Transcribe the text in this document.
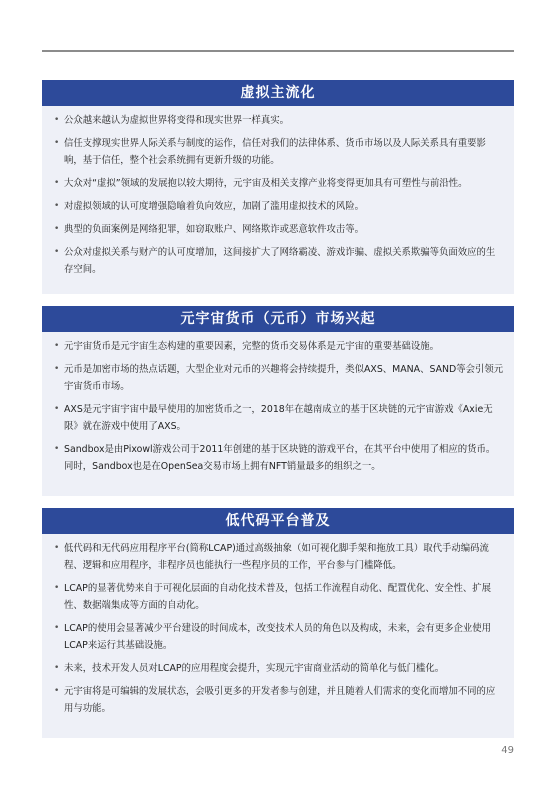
虚拟主流化
• 公众越来越认为虚拟世界将变得和现实世界一样真实。
• 信任支撑现实世界人际关系与制度的运作，信任对我们的法律体系、货币市场以及人际关系具有重要影响，基于信任，整个社会系统拥有更新升级的功能。
• 大众对“虚拟”领域的发展抱以较大期待，元宇宙及相关支撑产业将变得更加具有可塑性与前沿性。
• 对虚拟领域的认可度增强隐喻着负向效应，加剧了滥用虚拟技术的风险。
• 典型的负面案例是网络犯罪，如窃取账户、网络欺诈或恶意软件攻击等。
• 公众对虚拟关系与财产的认可度增加，这间接扩大了网络霸凌、游戏诈骗、虚拟关系欺骗等负面效应的生存空间。
元宇宙货币（元币）市场兴起
• 元宇宙货币是元宇宙生态构建的重要因素，完整的货币交易体系是元宇宙的重要基础设施。
• 元币是加密市场的热点话题，大型企业对元币的兴趣将会持续提升，类似AXS、MANA、SAND等会引领元宇宙货币市场。
• AXS是元宇宙宇宙中最早使用的加密货币之一，2018年在越南成立的基于区块链的元宇宙游戏《Axie无限》就在游戏中使用了AXS。
• Sandbox是由Pixowl游戏公司于2011年创建的基于区块链的游戏平台，在其平台中使用了相应的货币。同时，Sandbox也是在OpenSea交易市场上拥有NFT销量最多的组织之一。
低代码平台普及
• 低代码和无代码应用程序平台(简称LCAP)通过高级抽象（如可视化脚手架和拖放工具）取代手动编码流程、逻辑和应用程序，非程序员也能执行一些程序员的工作，平台参与门槛降低。
• LCAP的显著优势来自于可视化层面的自动化技术普及，包括工作流程自动化、配置优化、安全性、扩展性、数据端集成等方面的自动化。
• LCAP的使用会显著减少平台建设的时间成本，改变技术人员的角色以及构成，未来，会有更多企业使用LCAP来运行其基础设施。
• 未来，技术开发人员对LCAP的应用程度会提升，实现元宇宙商业活动的简单化与低门槛化。
• 元宇宙将是可编辑的发展状态，会吸引更多的开发者参与创建，并且随着人们需求的变化而增加不同的应用与功能。
49
